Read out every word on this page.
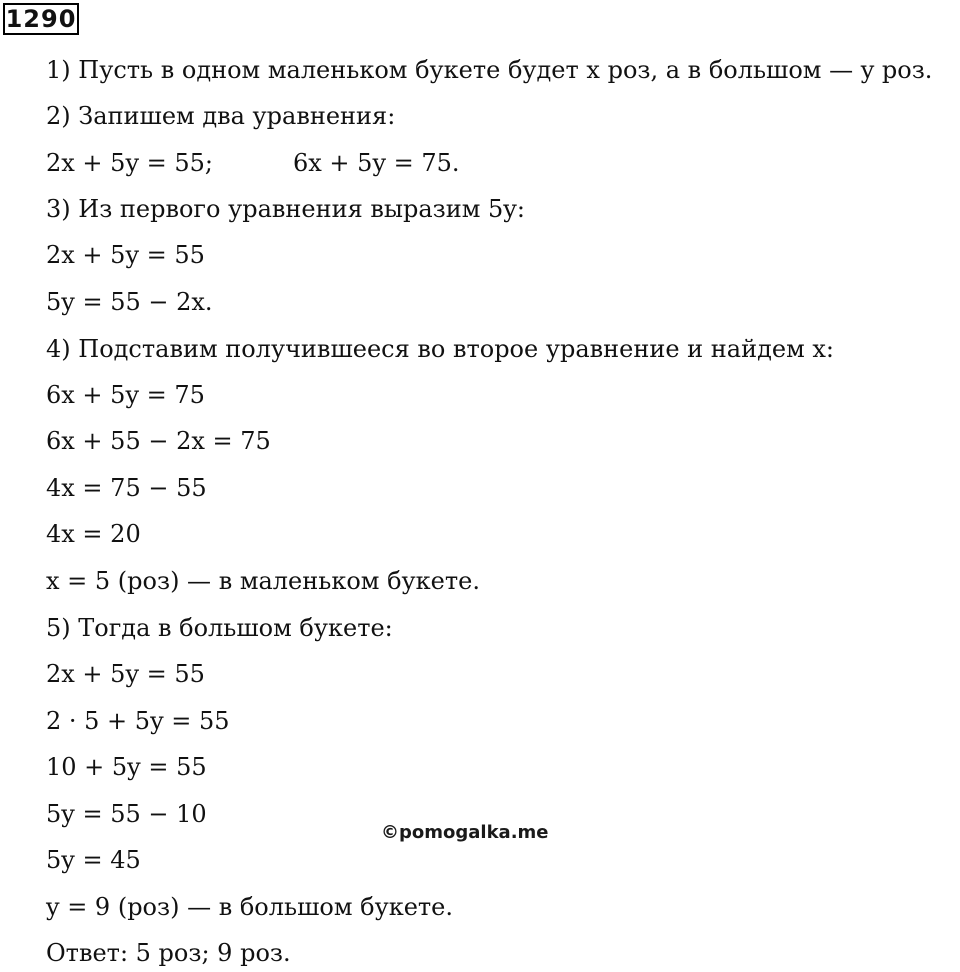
1290
1) Пусть в одном маленьком букете будет x роз, а в большом — y роз.
2) Запишем два уравнения:
2x + 5y = 55;	6x + 5y = 75.
3) Из первого уравнения выразим 5y:
2x + 5y = 55
5y = 55 − 2x.
4) Подставим получившееся во второе уравнение и найдем x:
6x + 5y = 75
6x + 55 − 2x = 75
4x = 75 − 55
4x = 20
x = 5 (роз) — в маленьком букете.
5) Тогда в большом букете:
2x + 5y = 55
2 · 5 + 5y = 55
10 + 5y = 55
5y = 55 − 10
5y = 45
y = 9 (роз) — в большом букете.
Ответ: 5 роз; 9 роз.
©pomogalka.me
